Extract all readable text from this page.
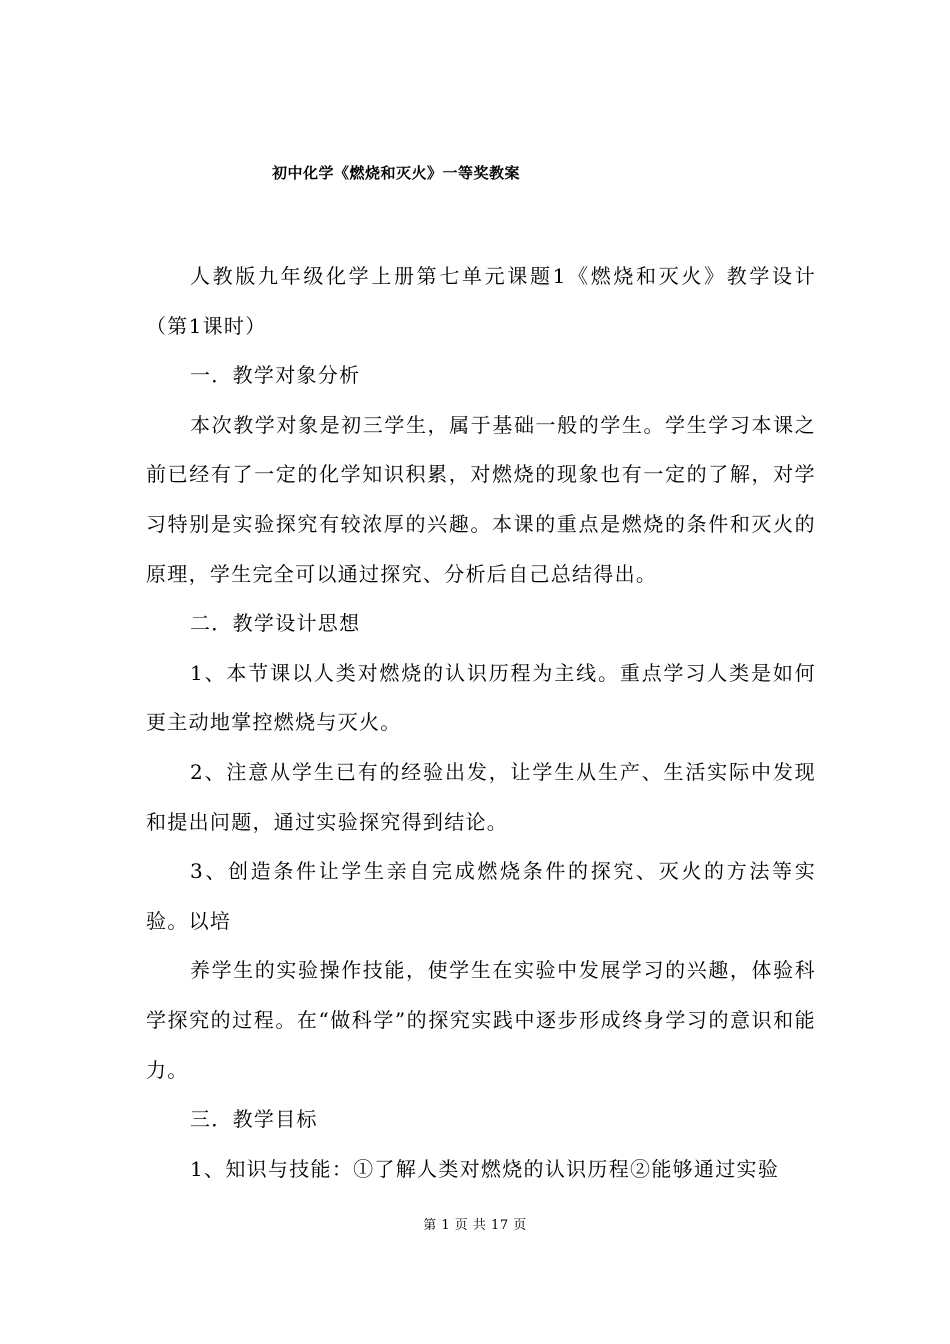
初中化学《燃烧和灭火》一等奖教案

人教版九年级化学上册第七单元课题1《燃烧和灭火》教学设计（第1课时）

一．教学对象分析

本次教学对象是初三学生，属于基础一般的学生。学生学习本课之前已经有了一定的化学知识积累，对燃烧的现象也有一定的了解，对学习特别是实验探究有较浓厚的兴趣。本课的重点是燃烧的条件和灭火的原理，学生完全可以通过探究、分析后自己总结得出。

二．教学设计思想

1、本节课以人类对燃烧的认识历程为主线。重点学习人类是如何更主动地掌控燃烧与灭火。

2、注意从学生已有的经验出发，让学生从生产、生活实际中发现和提出问题，通过实验探究得到结论。

3、创造条件让学生亲自完成燃烧条件的探究、灭火的方法等实验。以培

养学生的实验操作技能，使学生在实验中发展学习的兴趣，体验科学探究的过程。在“做科学”的探究实践中逐步形成终身学习的意识和能力。

三．教学目标

1、知识与技能：①了解人类对燃烧的认识历程②能够通过实验

第 1 页 共 17 页
